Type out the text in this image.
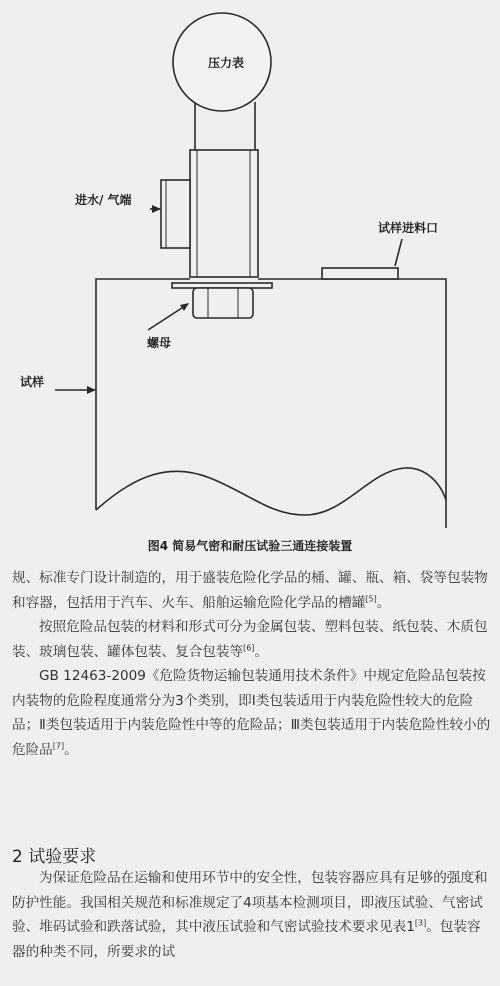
压力表
进水/ 气端
试样进料口
螺母
试样
图4 简易气密和耐压试验三通连接装置

规、标准专门设计制造的，用于盛装危险化学品的桶、罐、瓶、箱、袋等包装物和容器，包括用于汽车、火车、船舶运输危险化学品的槽罐[5]。

按照危险品包装的材料和形式可分为金属包装、塑料包装、纸包装、木质包装、玻璃包装、罐体包装、复合包装等[6]。

GB 12463-2009《危险货物运输包装通用技术条件》中规定危险品包装按内装物的危险程度通常分为3个类别，即Ⅰ类包装适用于内装危险性较大的危险品；Ⅱ类包装适用于内装危险性中等的危险品；Ⅲ类包装适用于内装危险性较小的危险品[7]。

2 试验要求

为保证危险品在运输和使用环节中的安全性，包装容器应具有足够的强度和防护性能。我国相关规范和标准规定了4项基本检测项目，即液压试验、气密试验、堆码试验和跌落试验，其中液压试验和气密试验技术要求见表1[3]。包装容器的种类不同，所要求的试
